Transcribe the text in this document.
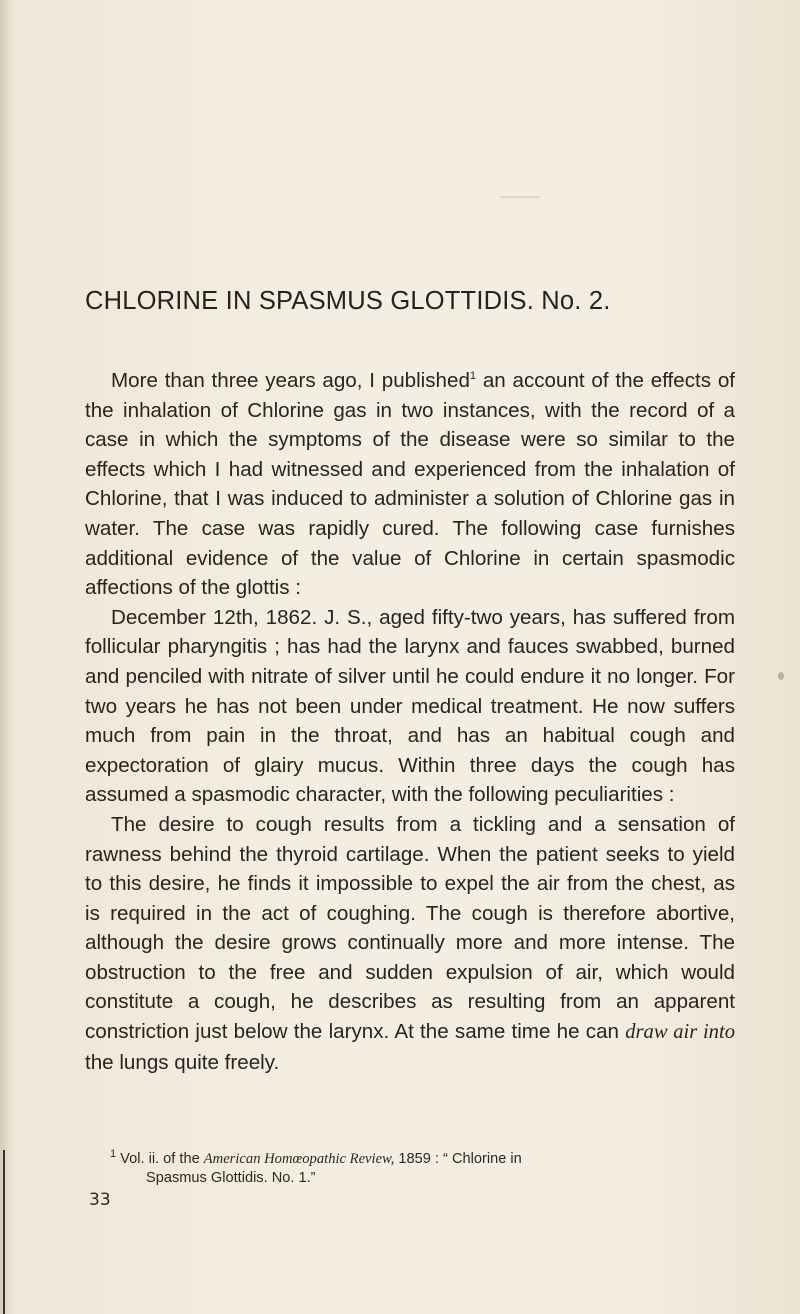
CHLORINE IN SPASMUS GLOTTIDIS. No. 2.

More than three years ago, I published$^1$ an account of the effects of the inhalation of Chlorine gas in two instances, with the record of a case in which the symptoms of the disease were so similar to the effects which I had witnessed and experienced from the inhalation of Chlorine, that I was induced to administer a solution of Chlorine gas in water. The case was rapidly cured. The following case furnishes additional evidence of the value of Chlorine in certain spasmodic affections of the glottis :

December 12th, 1862. J. S., aged fifty-two years, has suffered from follicular pharyngitis ; has had the larynx and fauces swabbed, burned and penciled with nitrate of silver until he could endure it no longer. For two years he has not been under medical treatment. He now suffers much from pain in the throat, and has an habitual cough and expectoration of glairy mucus. Within three days the cough has assumed a spasmodic character, with the following peculiarities :

The desire to cough results from a tickling and a sensation of rawness behind the thyroid cartilage. When the patient seeks to yield to this desire, he finds it impossible to expel the air from the chest, as is required in the act of coughing. The cough is therefore abortive, although the desire grows continually more and more intense. The obstruction to the free and sudden expulsion of air, which would constitute a cough, he describes as resulting from an apparent constriction just below the larynx. At the same time he can draw air into the lungs quite freely.

$^1$ Vol. ii. of the American Homœopathic Review, 1859 : “ Chlorine in
Spasmus Glottidis. No. 1.”
33
